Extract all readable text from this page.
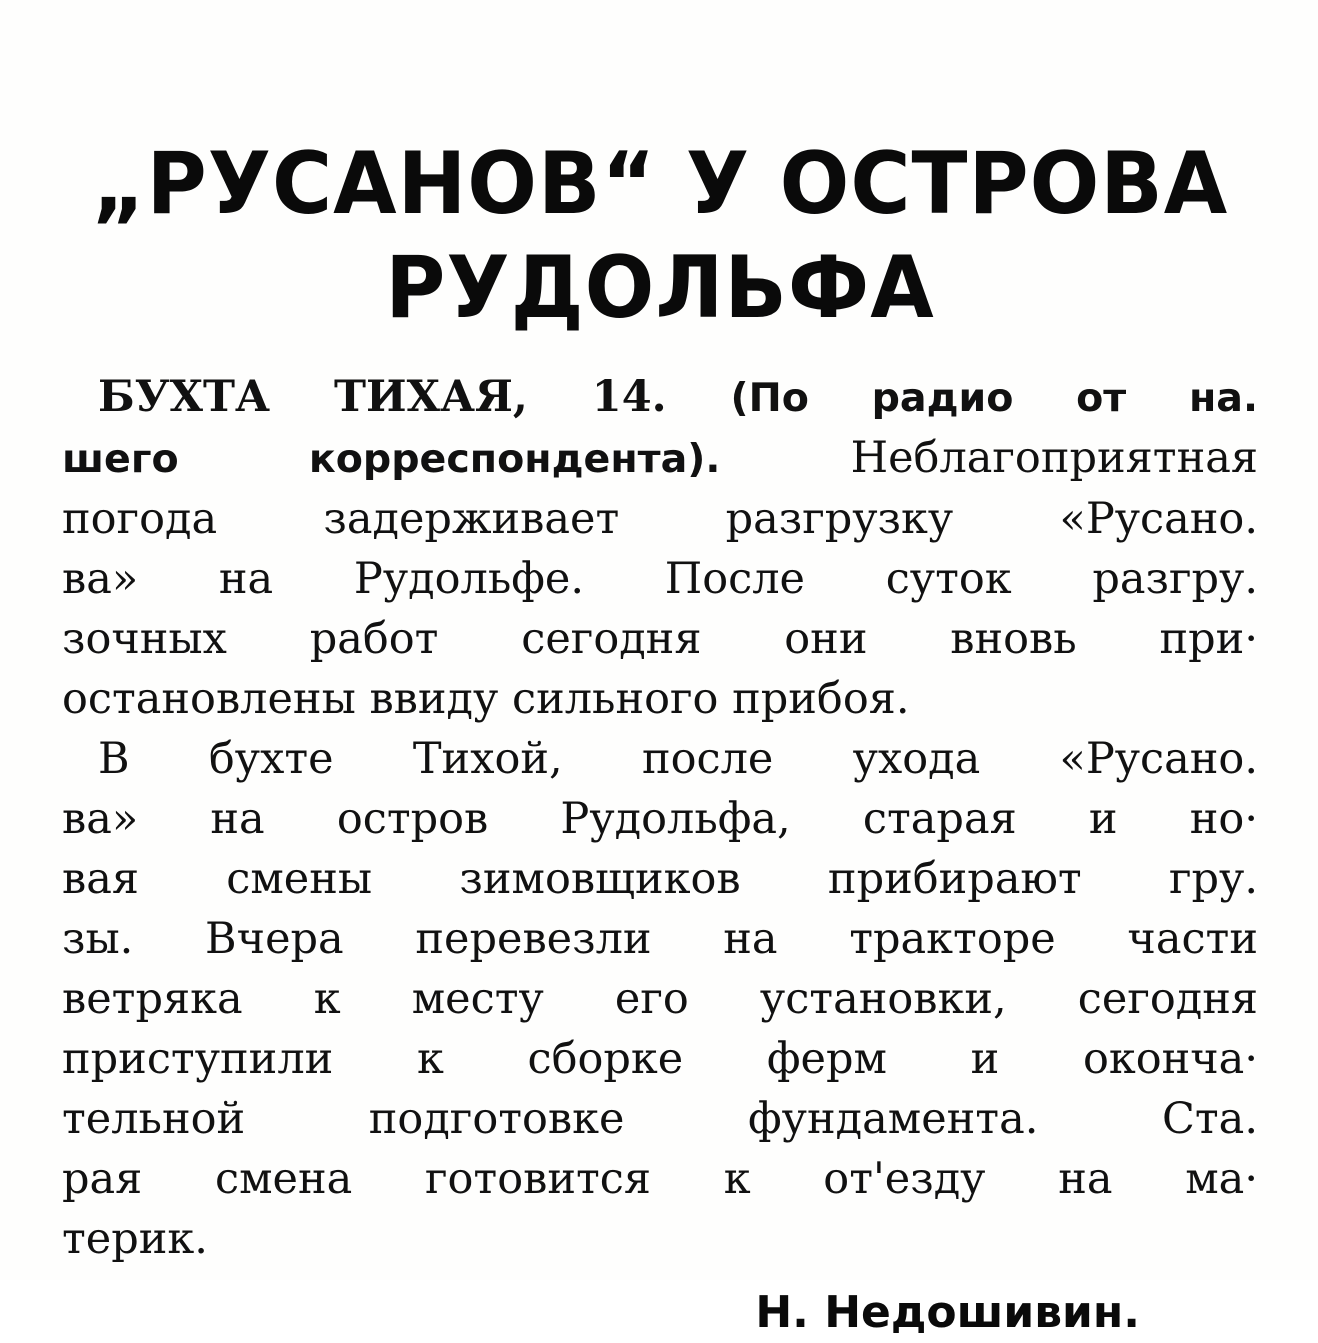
„РУСАНОВ“ У ОСТРОВА
РУДОЛЬФА
БУХТА ТИХАЯ, 14. (По радио от на.
шего корреспондента). Неблагоприятная
погода задерживает разгрузку «Русано.
ва» на Рудольфе. После суток разгру.
зочных работ сегодня они вновь при·
остановлены ввиду сильного прибоя.
В бухте Тихой, после ухода «Русано.
ва» на остров Рудольфа, старая и но·
вая смены зимовщиков прибирают гру.
зы. Вчера перевезли на тракторе части
ветряка к месту его установки, сегодня
приступили к сборке ферм и оконча·
тельной подготовке фундамента. Ста.
рая смена готовится к от'езду на ма·
терик.
Н. Недошивин.
